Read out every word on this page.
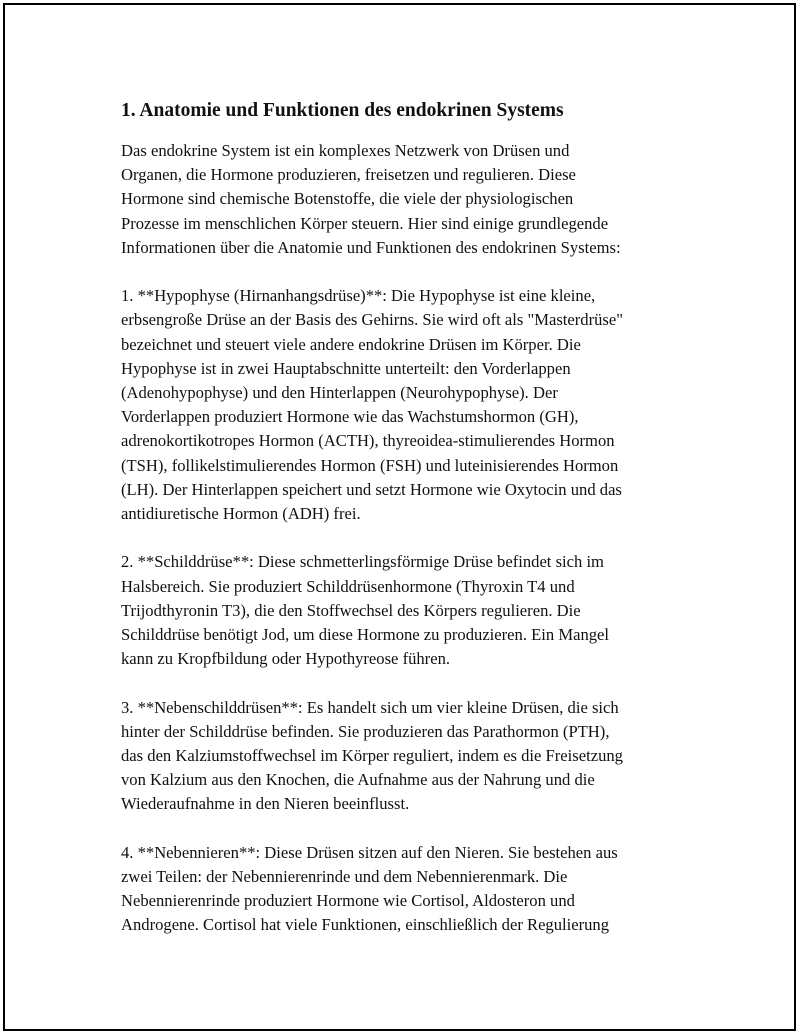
1. Anatomie und Funktionen des endokrinen Systems

Das endokrine System ist ein komplexes Netzwerk von Drüsen und
Organen, die Hormone produzieren, freisetzen und regulieren. Diese
Hormone sind chemische Botenstoffe, die viele der physiologischen
Prozesse im menschlichen Körper steuern. Hier sind einige grundlegende
Informationen über die Anatomie und Funktionen des endokrinen Systems:

1. **Hypophyse (Hirnanhangsdrüse)**: Die Hypophyse ist eine kleine,
erbsengroße Drüse an der Basis des Gehirns. Sie wird oft als "Masterdrüse"
bezeichnet und steuert viele andere endokrine Drüsen im Körper. Die
Hypophyse ist in zwei Hauptabschnitte unterteilt: den Vorderlappen
(Adenohypophyse) und den Hinterlappen (Neurohypophyse). Der
Vorderlappen produziert Hormone wie das Wachstumshormon (GH),
adrenokortikotropes Hormon (ACTH), thyreoidea-stimulierendes Hormon
(TSH), follikelstimulierendes Hormon (FSH) und luteinisierendes Hormon
(LH). Der Hinterlappen speichert und setzt Hormone wie Oxytocin und das
antidiuretische Hormon (ADH) frei.

2. **Schilddrüse**: Diese schmetterlingsförmige Drüse befindet sich im
Halsbereich. Sie produziert Schilddrüsenhormone (Thyroxin T4 und
Trijodthyronin T3), die den Stoffwechsel des Körpers regulieren. Die
Schilddrüse benötigt Jod, um diese Hormone zu produzieren. Ein Mangel
kann zu Kropfbildung oder Hypothyreose führen.

3. **Nebenschilddrüsen**: Es handelt sich um vier kleine Drüsen, die sich
hinter der Schilddrüse befinden. Sie produzieren das Parathormon (PTH),
das den Kalziumstoffwechsel im Körper reguliert, indem es die Freisetzung
von Kalzium aus den Knochen, die Aufnahme aus der Nahrung und die
Wiederaufnahme in den Nieren beeinflusst.

4. **Nebennieren**: Diese Drüsen sitzen auf den Nieren. Sie bestehen aus
zwei Teilen: der Nebennierenrinde und dem Nebennierenmark. Die
Nebennierenrinde produziert Hormone wie Cortisol, Aldosteron und
Androgene. Cortisol hat viele Funktionen, einschließlich der Regulierung
